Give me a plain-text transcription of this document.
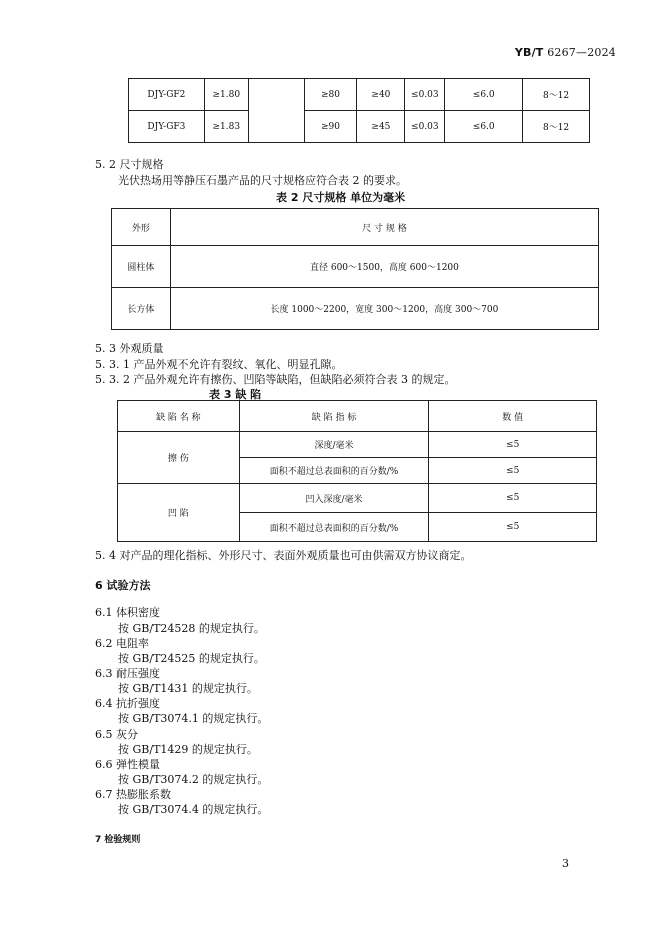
YB/T 6267—2024
DJY-GF2	≥1.80		≥80	≥40	≤0.03	≤6.0	8～12
DJY-GF3	≥1.83		≥90	≥45	≤0.03	≤6.0	8～12
5. 2 尺寸规格
光伏热场用等静压石墨产品的尺寸规格应符合表 2 的要求。
表 2 尺寸规格 单位为毫米
外形	尺 寸 规 格
圆柱体	直径 600～1500，高度 600～1200
长方体	长度 1000～2200，宽度 300～1200，高度 300～700
5. 3 外观质量
5. 3. 1 产品外观不允许有裂纹、氧化、明显孔隙。
5. 3. 2 产品外观允许有擦伤、凹陷等缺陷，但缺陷必须符合表 3 的规定。
表 3 缺 陷
缺 陷 名 称	缺 陷 指 标	数 值
擦 伤	深度/毫米	≤5
	面积不超过总表面积的百分数/%	≤5
凹 陷	凹入深度/毫米	≤5
	面积不超过总表面积的百分数/%	≤5
5. 4 对产品的理化指标、外形尺寸、表面外观质量也可由供需双方协议商定。
6 试验方法
6.1 体积密度
按 GB/T24528 的规定执行。
6.2 电阻率
按 GB/T24525 的规定执行。
6.3 耐压强度
按 GB/T1431 的规定执行。
6.4 抗折强度
按 GB/T3074.1 的规定执行。
6.5 灰分
按 GB/T1429 的规定执行。
6.6 弹性模量
按 GB/T3074.2 的规定执行。
6.7 热膨胀系数
按 GB/T3074.4 的规定执行。
7 检验规则
3
